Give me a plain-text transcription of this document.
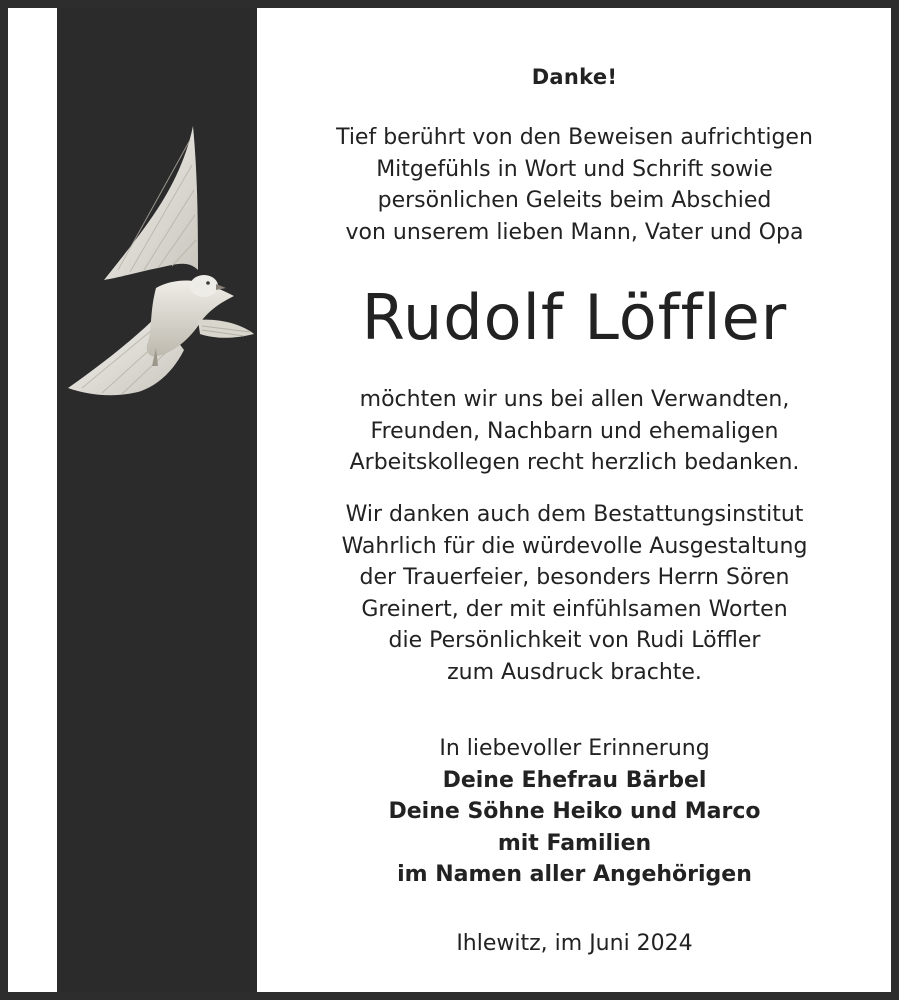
Danke!
Tief berührt von den Beweisen aufrichtigen
Mitgefühls in Wort und Schrift sowie
persönlichen Geleits beim Abschied
von unserem lieben Mann, Vater und Opa
Rudolf Löffler
möchten wir uns bei allen Verwandten,
Freunden, Nachbarn und ehemaligen
Arbeitskollegen recht herzlich bedanken.
Wir danken auch dem Bestattungsinstitut
Wahrlich für die würdevolle Ausgestaltung
der Trauerfeier, besonders Herrn Sören
Greinert, der mit einfühlsamen Worten
die Persönlichkeit von Rudi Löffler
zum Ausdruck brachte.
In liebevoller Erinnerung
Deine Ehefrau Bärbel
Deine Söhne Heiko und Marco
mit Familien
im Namen aller Angehörigen
Ihlewitz, im Juni 2024
